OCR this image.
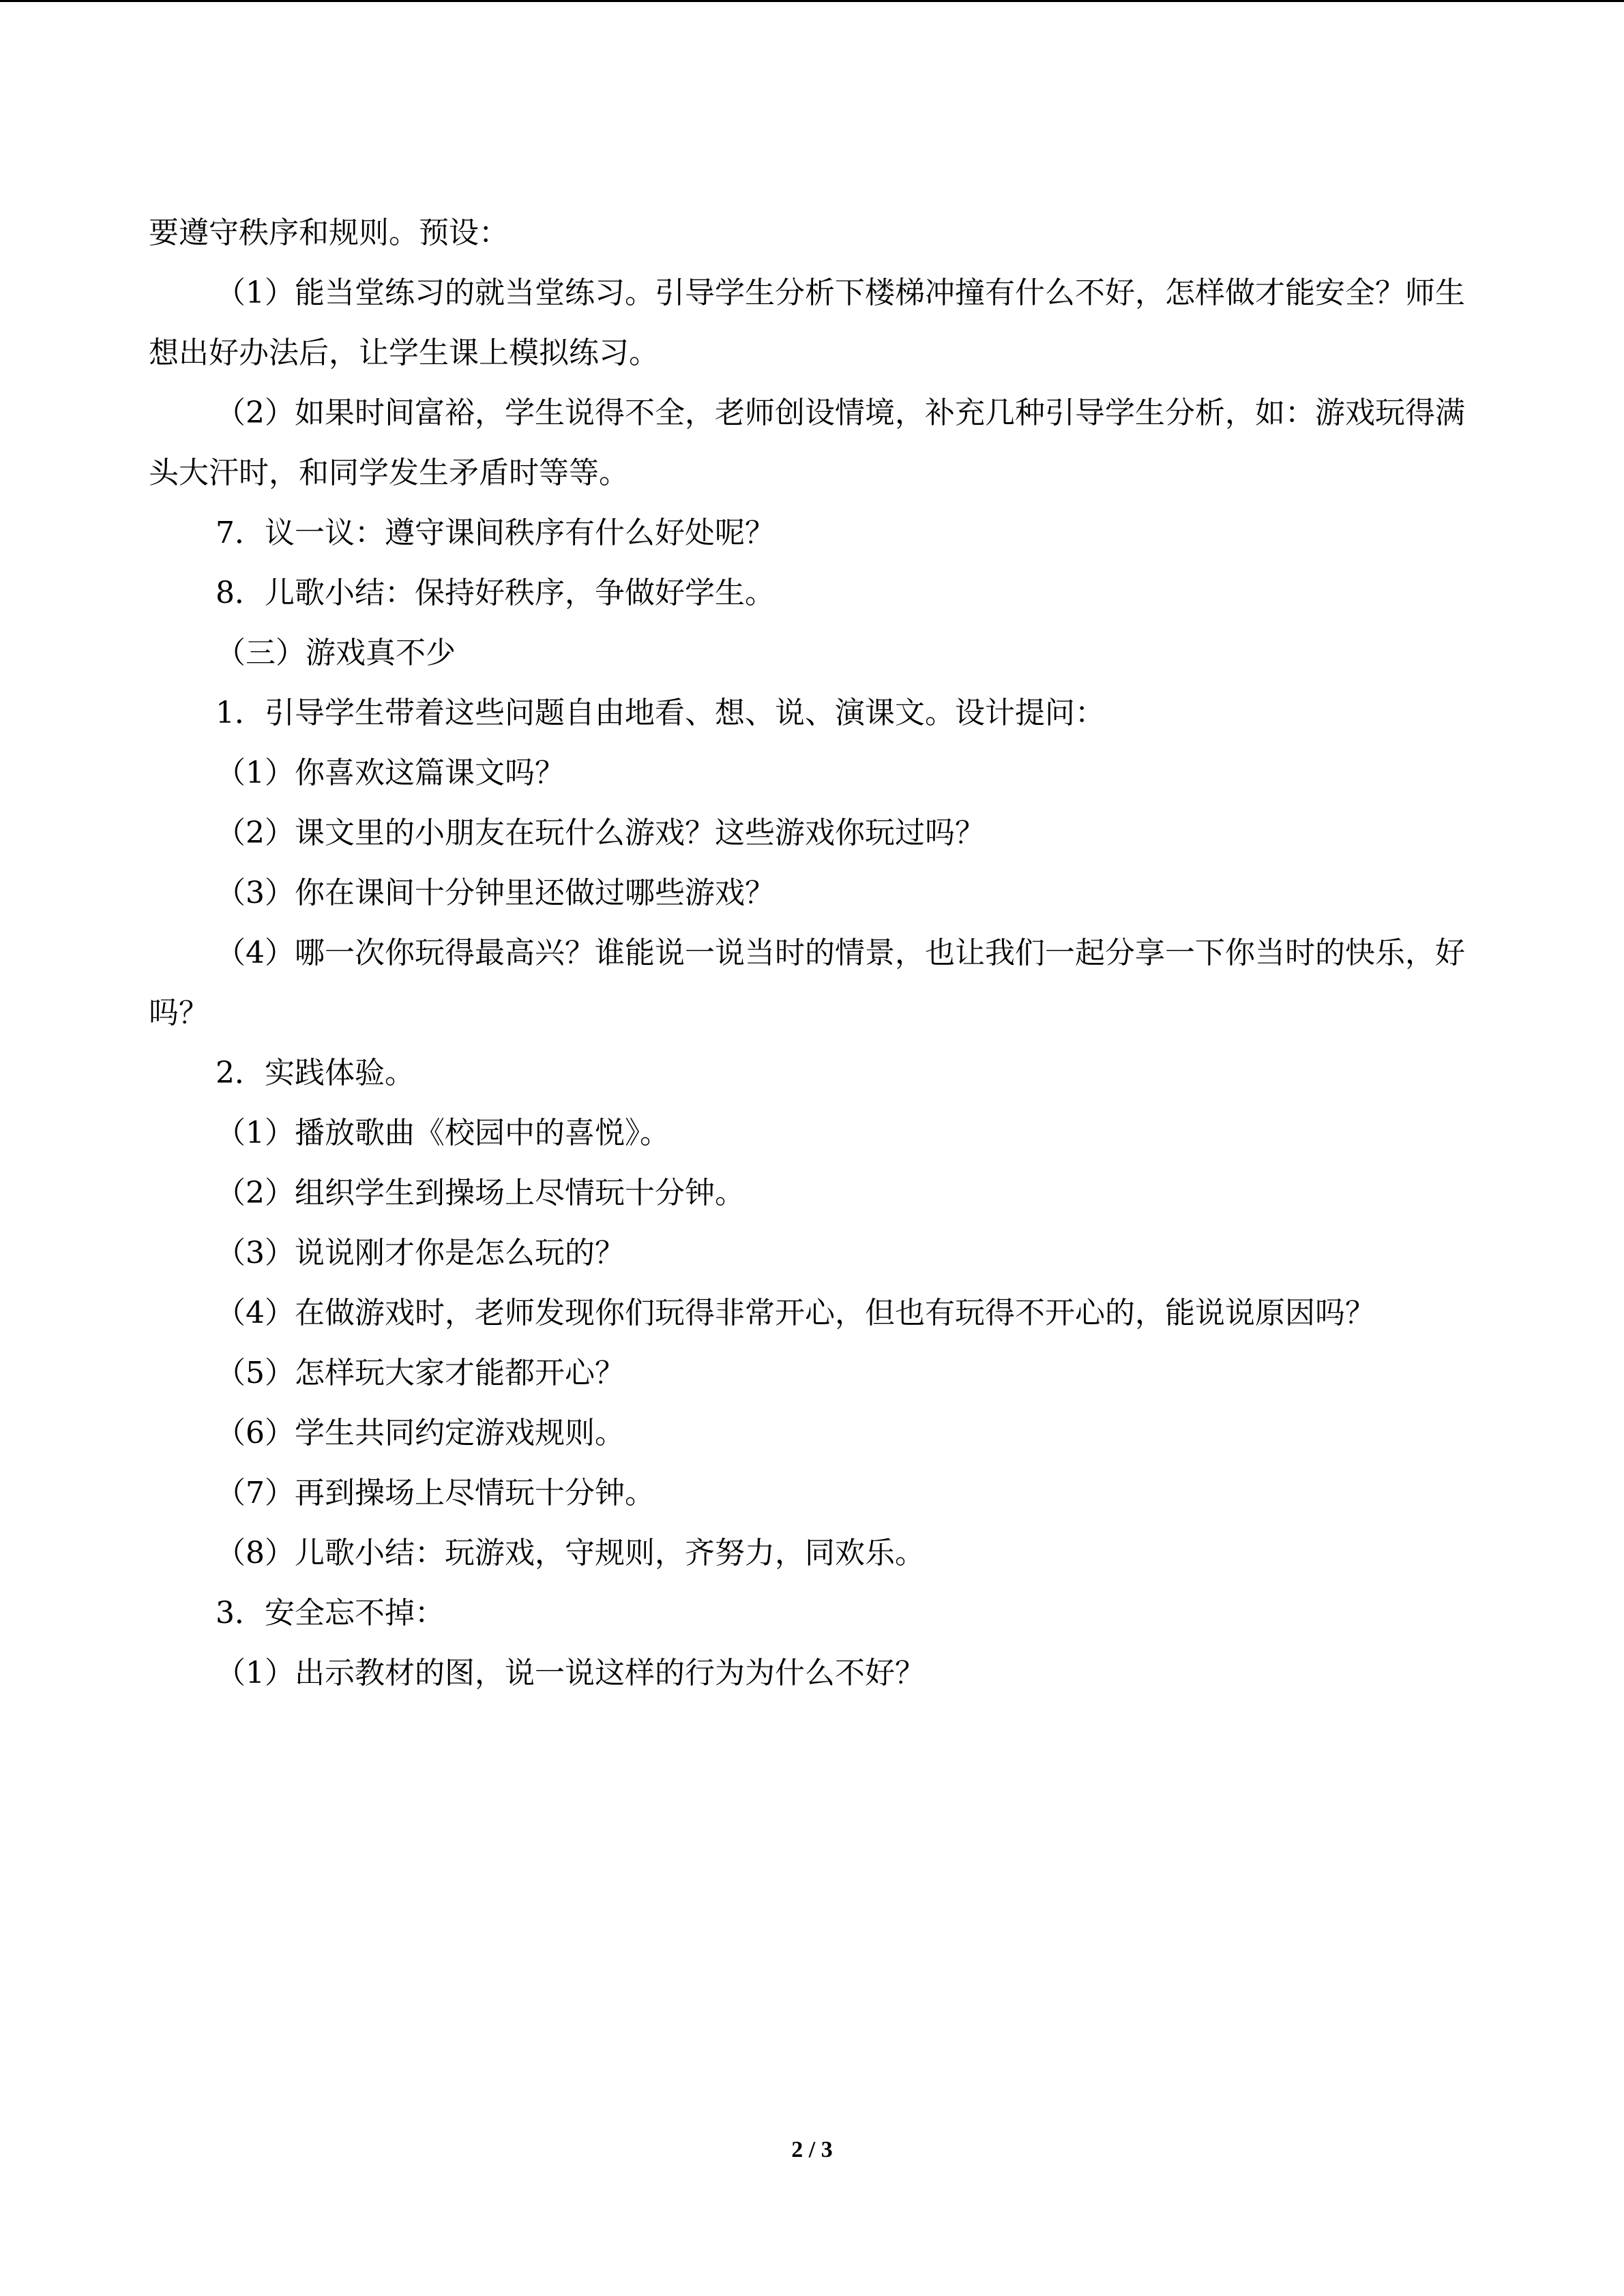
要遵守秩序和规则。预设：

（1）能当堂练习的就当堂练习。引导学生分析下楼梯冲撞有什么不好，怎样做才能安全？师生想出好办法后，让学生课上模拟练习。

（2）如果时间富裕，学生说得不全，老师创设情境，补充几种引导学生分析，如：游戏玩得满头大汗时，和同学发生矛盾时等等。

7．议一议：遵守课间秩序有什么好处呢？

8．儿歌小结：保持好秩序，争做好学生。

（三）游戏真不少

1．引导学生带着这些问题自由地看、想、说、演课文。设计提问：

（1）你喜欢这篇课文吗？

（2）课文里的小朋友在玩什么游戏？这些游戏你玩过吗？

（3）你在课间十分钟里还做过哪些游戏？

（4）哪一次你玩得最高兴？谁能说一说当时的情景，也让我们一起分享一下你当时的快乐，好吗？

2．实践体验。

（1）播放歌曲《校园中的喜悦》。

（2）组织学生到操场上尽情玩十分钟。

（3）说说刚才你是怎么玩的？

（4）在做游戏时，老师发现你们玩得非常开心，但也有玩得不开心的，能说说原因吗？

（5）怎样玩大家才能都开心？

（6）学生共同约定游戏规则。

（7）再到操场上尽情玩十分钟。

（8）儿歌小结：玩游戏，守规则，齐努力，同欢乐。

3．安全忘不掉：

（1）出示教材的图，说一说这样的行为为什么不好？

2 / 3
